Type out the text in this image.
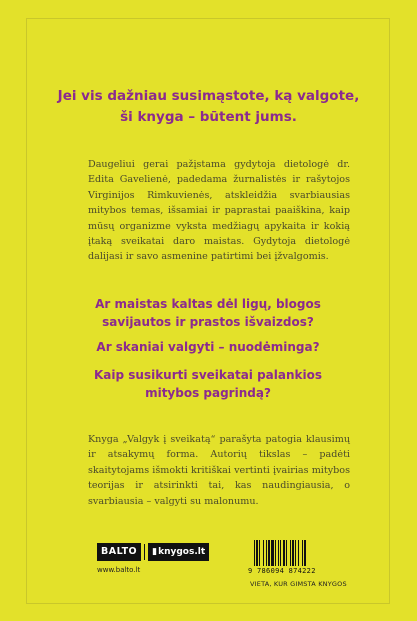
Jei vis dažniau susimąstote, ką valgote,
ši knyga – būtent jums.
Daugeliui gerai pažįstama gydytoja dietologė dr. Edita Gavelienė, padedama žurnalistės ir rašytojos Virginijos Rimkuvienės, atskleidžia svarbiausias mitybos temas, išsamiai ir paprastai paaiškina, kaip mūsų organizme vyksta medžiagų apykaita ir kokią įtaką sveikatai daro maistas. Gydytoja dietologė dalijasi ir savo asmenine patirtimi bei įžvalgomis.
Ar maistas kaltas dėl ligų, blogos
savijautos ir prastos išvaizdos?
Ar skaniai valgyti – nuodėminga?
Kaip susikurti sveikatai palankios
mitybos pagrindą?
Knyga „Valgyk į sveikatą“ parašyta patogia klausimų ir atsakymų forma. Autorių tikslas – padėti skaitytojams išmokti kritiškai vertinti įvairias mitybos teorijas ir atsirinkti tai, kas naudingiausia, o svarbiausia – valgyti su malonumu.
BALTO	▮knygos.lt
www.balto.lt	9 786094 874222
VIETA, KUR GIMSTA KNYGOS
